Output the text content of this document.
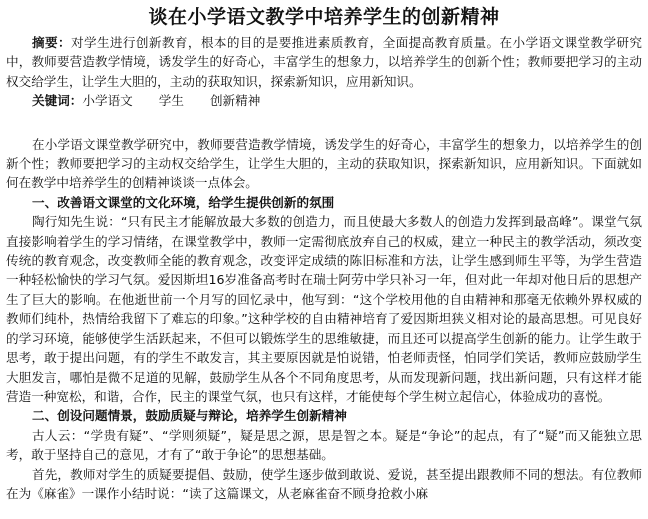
谈在小学语文教学中培养学生的创新精神

摘要：对学生进行创新教育，根本的目的是要推进素质教育，全面提高教育质量。在小学语文课堂教学研究中，教师要营造教学情境，诱发学生的好奇心，丰富学生的想象力，以培养学生的创新个性；教师要把学习的主动权交给学生，让学生大胆的，主动的获取知识，探索新知识，应用新知识。

关键词：小学语文 学生 创新精神

在小学语文课堂教学研究中，教师要营造教学情境，诱发学生的好奇心，丰富学生的想象力，以培养学生的创新个性；教师要把学习的主动权交给学生，让学生大胆的，主动的获取知识，探索新知识，应用新知识。下面就如何在教学中培养学生的创精神谈谈一点体会。

一、改善语文课堂的文化环境，给学生提供创新的氛围

陶行知先生说：“只有民主才能解放最大多数的创造力，而且使最大多数人的创造力发挥到最高峰”。课堂气氛直接影响着学生的学习情绪，在课堂教学中，教师一定需彻底放弃自己的权威，建立一种民主的教学活动，须改变传统的教育观念，改变教师全能的教育观念，改变评定成绩的陈旧标准和方法，让学生感到师生平等，为学生营造一种轻松愉快的学习气氛。爱因斯坦16岁准备高考时在瑞士阿劳中学只补习一年，但对此一年却对他日后的思想产生了巨大的影响。在他逝世前一个月写的回忆录中，他写到：“这个学校用他的自由精神和那毫无依赖外界权威的教师们纯朴，热情给我留下了难忘的印象。”这种学校的自由精神培育了爱因斯坦狭义相对论的最高思想。可见良好的学习环境，能够使学生活跃起来，不但可以锻炼学生的思维敏捷，而且还可以提高学生创新的能力。让学生敢于思考，敢于提出问题，有的学生不敢发言，其主要原因就是怕说错，怕老师责怪，怕同学们笑话，教师应鼓励学生大胆发言，哪怕是微不足道的见解，鼓励学生从各个不同角度思考，从而发现新问题，找出新问题，只有这样才能营造一种宽松，和谐，合作，民主的课堂气氛，也只有这样，才能使每个学生树立起信心，体验成功的喜悦。

二、创设问题情景，鼓励质疑与辩论，培养学生创新精神

古人云：“学贵有疑”、“学则须疑”，疑是思之源，思是智之本。疑是“争论”的起点，有了“疑”而又能独立思考，敢于坚持自己的意见，才有了“敢于争论”的思想基础。

首先，教师对学生的质疑要提倡、鼓励，使学生逐步做到敢说、爱说，甚至提出跟教师不同的想法。有位教师在为《麻雀》一课作小结时说：“读了这篇课文，从老麻雀奋不顾身抢救小麻
